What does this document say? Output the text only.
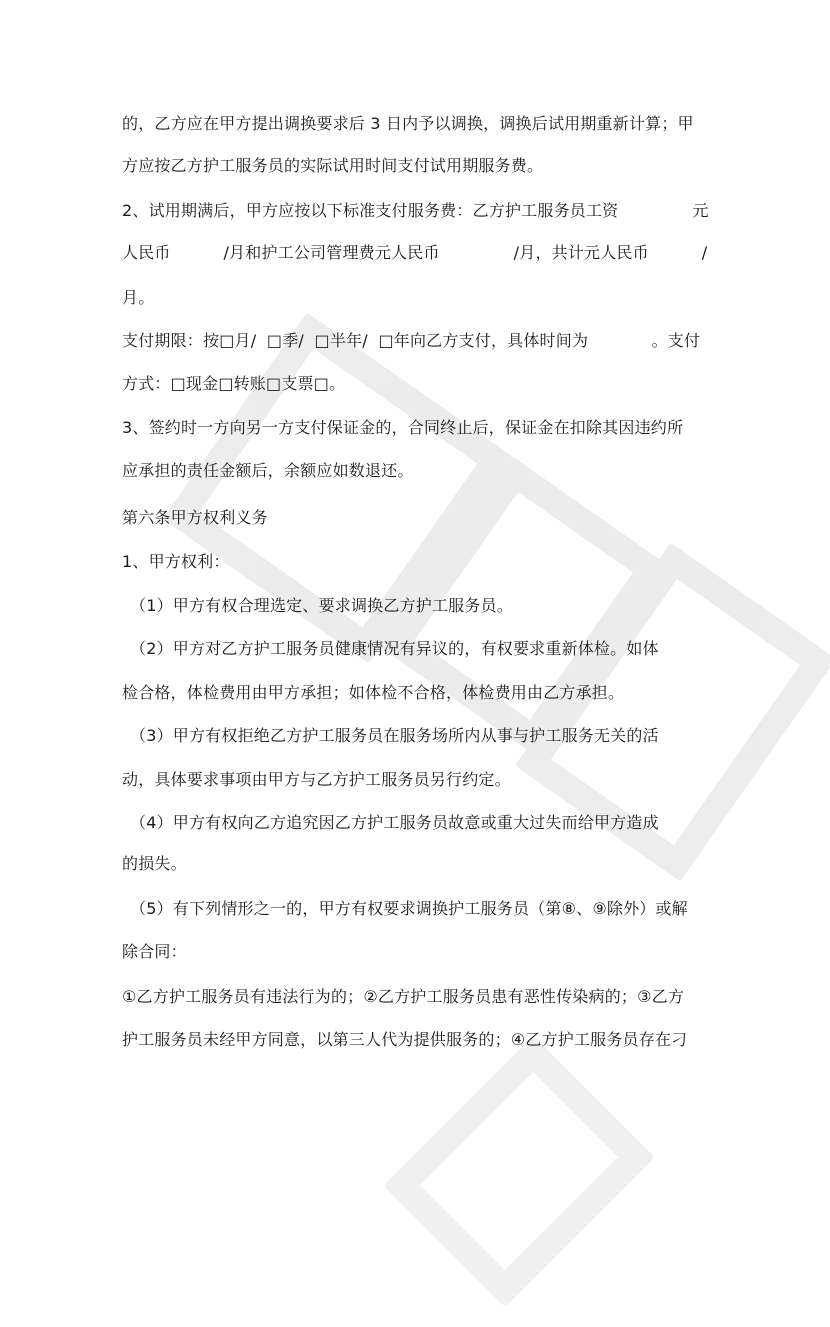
的，乙方应在甲方提出调换要求后 3 日内予以调换，调换后试用期重新计算；甲
方应按乙方护工服务员的实际试用时间支付试用期服务费。
2、试用期满后，甲方应按以下标准支付服务费：乙方护工服务员工资              元
人民币          /月和护工公司管理费元人民币              /月，共计元人民币          /
月。
支付期限：按□月/  □季/  □半年/  □年向乙方支付，具体时间为            。支付
方式：□现金□转账□支票□。
3、签约时一方向另一方支付保证金的，合同终止后，保证金在扣除其因违约所
应承担的责任金额后，余额应如数退还。
第六条甲方权利义务
1、甲方权利：
（1）甲方有权合理选定、要求调换乙方护工服务员。
（2）甲方对乙方护工服务员健康情况有异议的，有权要求重新体检。如体
检合格，体检费用由甲方承担；如体检不合格，体检费用由乙方承担。
（3）甲方有权拒绝乙方护工服务员在服务场所内从事与护工服务无关的活
动，具体要求事项由甲方与乙方护工服务员另行约定。
（4）甲方有权向乙方追究因乙方护工服务员故意或重大过失而给甲方造成
的损失。
（5）有下列情形之一的，甲方有权要求调换护工服务员（第⑧、⑨除外）或解
除合同：
①乙方护工服务员有违法行为的；②乙方护工服务员患有恶性传染病的；③乙方
护工服务员未经甲方同意，以第三人代为提供服务的；④乙方护工服务员存在刁
